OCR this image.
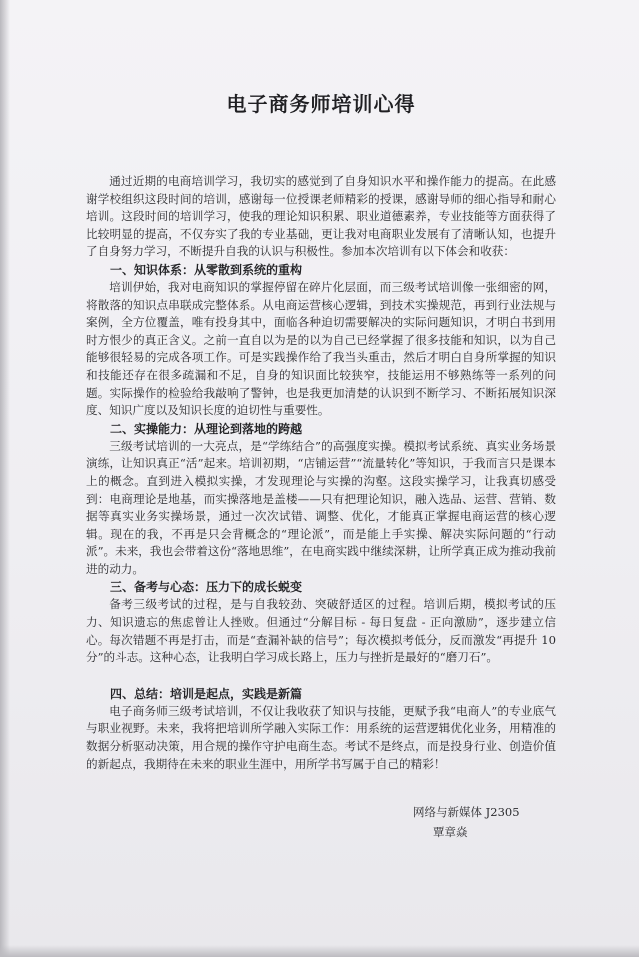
电子商务师培训心得

通过近期的电商培训学习，我切实的感觉到了自身知识水平和操作能力的提高。在此感谢学校组织这段时间的培训，感谢每一位授课老师精彩的授课，感谢导师的细心指导和耐心培训。这段时间的培训学习，使我的理论知识积累、职业道德素养，专业技能等方面获得了比较明显的提高，不仅夯实了我的专业基础，更让我对电商职业发展有了清晰认知，也提升了自身努力学习，不断提升自我的认识与积极性。参加本次培训有以下体会和收获：

一、知识体系：从零散到系统的重构

培训伊始，我对电商知识的掌握停留在碎片化层面，而三级考试培训像一张细密的网，将散落的知识点串联成完整体系。从电商运营核心逻辑，到技术实操规范，再到行业法规与案例，全方位覆盖，唯有投身其中，面临各种迫切需要解决的实际问题知识，才明白书到用时方恨少的真正含义。之前一直自以为是的以为自己已经掌握了很多技能和知识，以为自己能够很轻易的完成各项工作。可是实践操作给了我当头重击，然后才明白自身所掌握的知识和技能还存在很多疏漏和不足，自身的知识面比较狭窄，技能运用不够熟练等一系列的问题。实际操作的检验给我敲响了警钟，也是我更加清楚的认识到不断学习、不断拓展知识深度、知识广度以及知识长度的迫切性与重要性。

二、实操能力：从理论到落地的跨越

三级考试培训的一大亮点，是“学练结合”的高强度实操。模拟考试系统、真实业务场景演练，让知识真正“活”起来。培训初期，“店铺运营”“流量转化”等知识，于我而言只是课本上的概念。直到进入模拟实操，才发现理论与实操的沟壑。这段实操学习，让我真切感受到：电商理论是地基，而实操落地是盖楼——只有把理论知识，融入选品、运营、营销、数据等真实业务实操场景，通过一次次试错、调整、优化，才能真正掌握电商运营的核心逻辑。现在的我，不再是只会背概念的“理论派”，而是能上手实操、解决实际问题的“行动派”。未来，我也会带着这份“落地思维”，在电商实践中继续深耕，让所学真正成为推动我前进的动力。

三、备考与心态：压力下的成长蜕变

备考三级考试的过程，是与自我较劲、突破舒适区的过程。培训后期，模拟考试的压力、知识遗忘的焦虑曾让人挫败。但通过“分解目标 - 每日复盘 - 正向激励”，逐步建立信心。每次错题不再是打击，而是“查漏补缺的信号”；每次模拟考低分，反而激发“再提升 10 分”的斗志。这种心态，让我明白学习成长路上，压力与挫折是最好的“磨刀石”。

四、总结：培训是起点，实践是新篇

电子商务师三级考试培训，不仅让我收获了知识与技能，更赋予我“电商人”的专业底气与职业视野。未来，我将把培训所学融入实际工作：用系统的运营逻辑优化业务，用精准的数据分析驱动决策，用合规的操作守护电商生态。考试不是终点，而是投身行业、创造价值的新起点，我期待在未来的职业生涯中，用所学书写属于自己的精彩！

网络与新媒体 J2305
覃章焱
